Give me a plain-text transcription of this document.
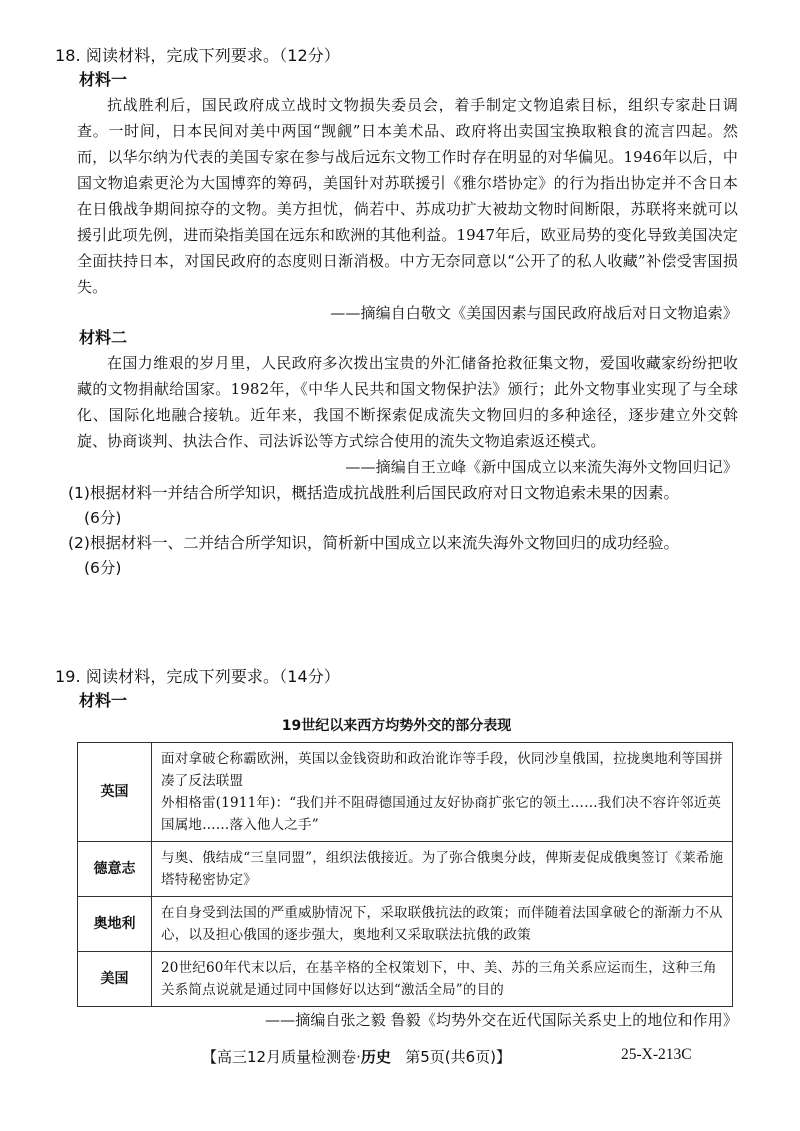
18. 阅读材料，完成下列要求。（12分）
材料一

抗战胜利后，国民政府成立战时文物损失委员会，着手制定文物追索目标，组织专家赴日调查。一时间，日本民间对美中两国“觊觎”日本美术品、政府将出卖国宝换取粮食的流言四起。然而，以华尔纳为代表的美国专家在参与战后远东文物工作时存在明显的对华偏见。1946年以后，中国文物追索更沦为大国博弈的筹码，美国针对苏联援引《雅尔塔协定》的行为指出协定并不含日本在日俄战争期间掠夺的文物。美方担忧，倘若中、苏成功扩大被劫文物时间断限，苏联将来就可以援引此项先例，进而染指美国在远东和欧洲的其他利益。1947年后，欧亚局势的变化导致美国决定全面扶持日本，对国民政府的态度则日渐消极。中方无奈同意以“公开了的私人收藏”补偿受害国损失。

——摘编自白敬文《美国因素与国民政府战后对日文物追索》
材料二

在国力维艰的岁月里，人民政府多次拨出宝贵的外汇储备抢救征集文物，爱国收藏家纷纷把收藏的文物捐献给国家。1982年，《中华人民共和国文物保护法》颁行；此外文物事业实现了与全球化、国际化地融合接轨。近年来，我国不断探索促成流失文物回归的多种途径，逐步建立外交斡旋、协商谈判、执法合作、司法诉讼等方式综合使用的流失文物追索返还模式。

——摘编自王立峰《新中国成立以来流失海外文物回归记》

(1)根据材料一并结合所学知识，概括造成抗战胜利后国民政府对日文物追索未果的因素。
(6分)

(2)根据材料一、二并结合所学知识，简析新中国成立以来流失海外文物回归的成功经验。
(6分)

19. 阅读材料，完成下列要求。（14分）
材料一
19世纪以来西方均势外交的部分表现
英国	面对拿破仑称霸欧洲，英国以金钱资助和政治讹诈等手段，伙同沙皇俄国，拉拢奥地利等国拼凑了反法联盟
外相格雷(1911年)：“我们并不阻碍德国通过友好协商扩张它的领土……我们决不容许邻近英国属地……落入他人之手”

德意志	与奥、俄结成“三皇同盟”，组织法俄接近。为了弥合俄奥分歧，俾斯麦促成俄奥签订《莱希施塔特秘密协定》

奥地利	在自身受到法国的严重威胁情况下，采取联俄抗法的政策；而伴随着法国拿破仑的渐渐力不从心，以及担心俄国的逐步强大，奥地利又采取联法抗俄的政策

美国	20世纪60年代末以后，在基辛格的全权策划下，中、美、苏的三角关系应运而生，这种三角关系简点说就是通过同中国修好以达到“激活全局”的目的
——摘编自张之毅 鲁毅《均势外交在近代国际关系史上的地位和作用》
【高三12月质量检测卷·历史 第5页(共6页)】	25-X-213C
